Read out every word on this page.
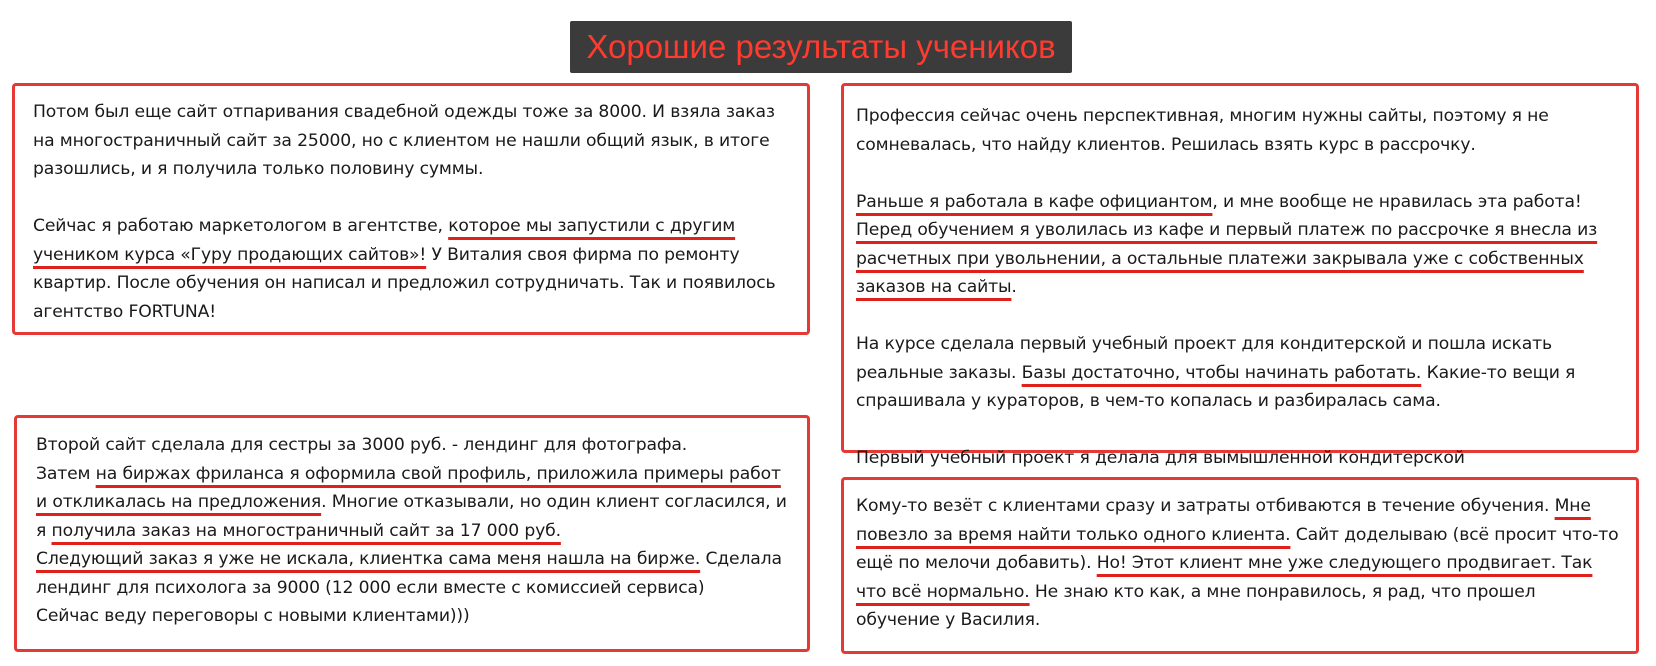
Хорошие результаты учеников

Потом был еще сайт отпаривания свадебной одежды тоже за 8000. И взяла заказ на многостраничный сайт за 25000, но с клиентом не нашли общий язык, в итоге разошлись, и я получила только половину суммы.

Сейчас я работаю маркетологом в агентстве, которое мы запустили с другим учеником курса «Гуру продающих сайтов»! У Виталия своя фирма по ремонту квартир. После обучения он написал и предложил сотрудничать. Так и появилось агентство FORTUNA!

Профессия сейчас очень перспективная, многим нужны сайты, поэтому я не сомневалась, что найду клиентов. Решилась взять курс в рассрочку.

Раньше я работала в кафе официантом, и мне вообще не нравилась эта работа! Перед обучением я уволилась из кафе и первый платеж по рассрочке я внесла из расчетных при увольнении, а остальные платежи закрывала уже с собственных заказов на сайты.

На курсе сделала первый учебный проект для кондитерской и пошла искать реальные заказы. Базы достаточно, чтобы начинать работать. Какие-то вещи я спрашивала у кураторов, в чем-то копалась и разбиралась сама.

Первый учебный проект я делала для вымышленной кондитерской

Второй сайт сделала для сестры за 3000 руб. - лендинг для фотографа.
Затем на биржах фриланса я оформила свой профиль, приложила примеры работ и откликалась на предложения. Многие отказывали, но один клиент согласился, и я получила заказ на многостраничный сайт за 17 000 руб.
Следующий заказ я уже не искала, клиентка сама меня нашла на бирже. Сделала лендинг для психолога за 9000 (12 000 если вместе с комиссией сервиса)
Сейчас веду переговоры с новыми клиентами)))

Кому-то везёт с клиентами сразу и затраты отбиваются в течение обучения. Мне повезло за время найти только одного клиента. Сайт доделываю (всё просит что-то ещё по мелочи добавить). Но! Этот клиент мне уже следующего продвигает. Так что всё нормально. Не знаю кто как, а мне понравилось, я рад, что прошел обучение у Василия.
